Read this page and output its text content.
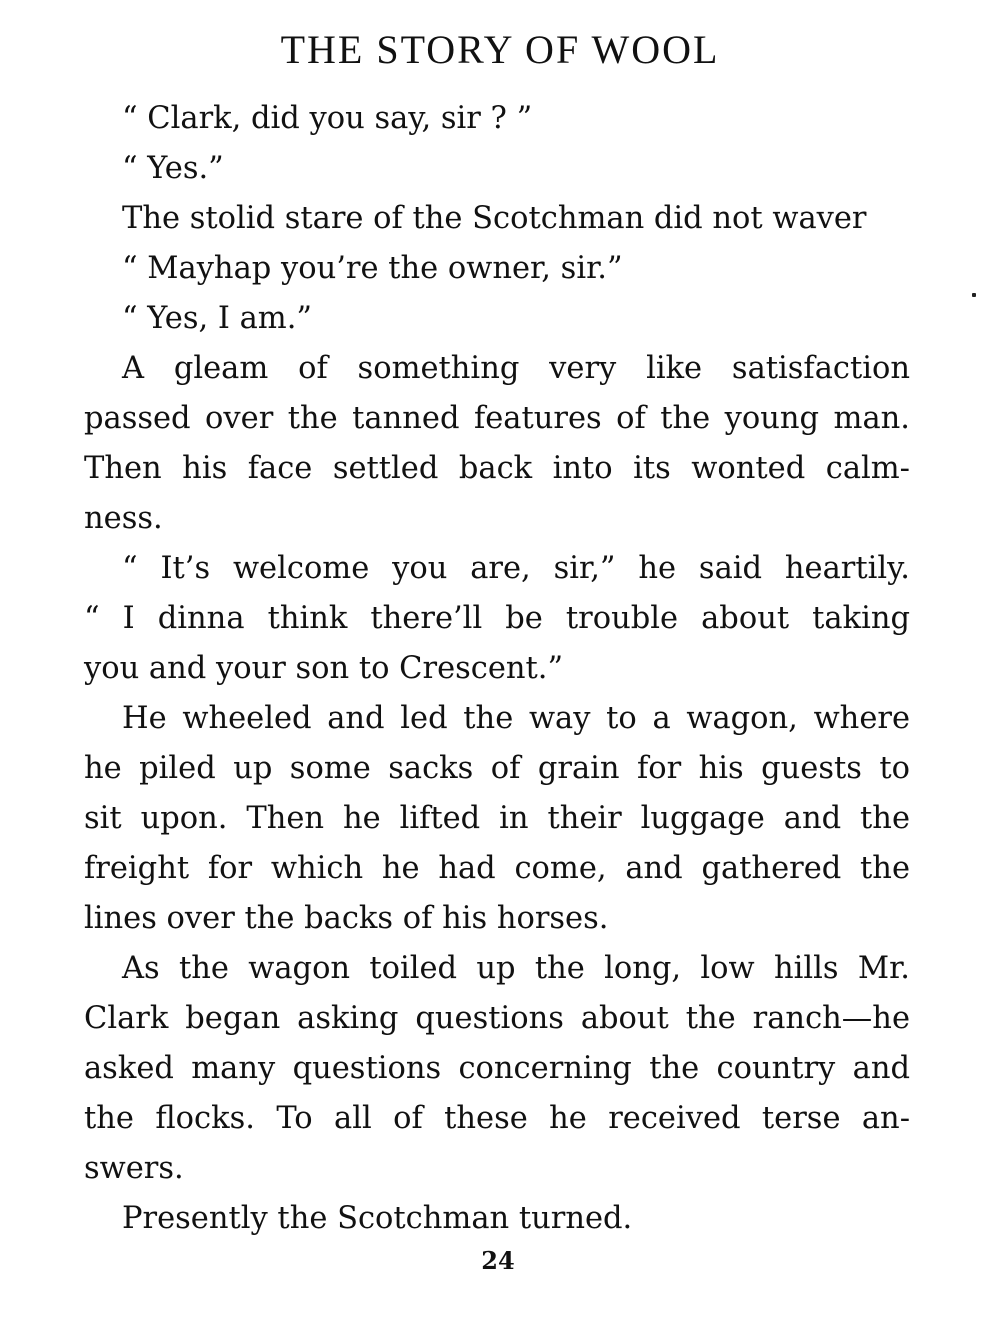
THE STORY OF WOOL
“ Clark, did you say, sir ? ”
“ Yes.”
The stolid stare of the Scotchman did not waver
“ Mayhap you’re the owner, sir.”
“ Yes, I am.”
A gleam of something very like satisfaction
passed over the tanned features of the young man.
Then his face settled back into its wonted calm-
ness.
“ It’s welcome you are, sir,” he said heartily.
“ I dinna think there’ll be trouble about taking
you and your son to Crescent.”
He wheeled and led the way to a wagon, where
he piled up some sacks of grain for his guests to
sit upon. Then he lifted in their luggage and the
freight for which he had come, and gathered the
lines over the backs of his horses.
As the wagon toiled up the long, low hills Mr.
Clark began asking questions about the ranch—he
asked many questions concerning the country and
the flocks. To all of these he received terse an-
swers.
Presently the Scotchman turned.
24
